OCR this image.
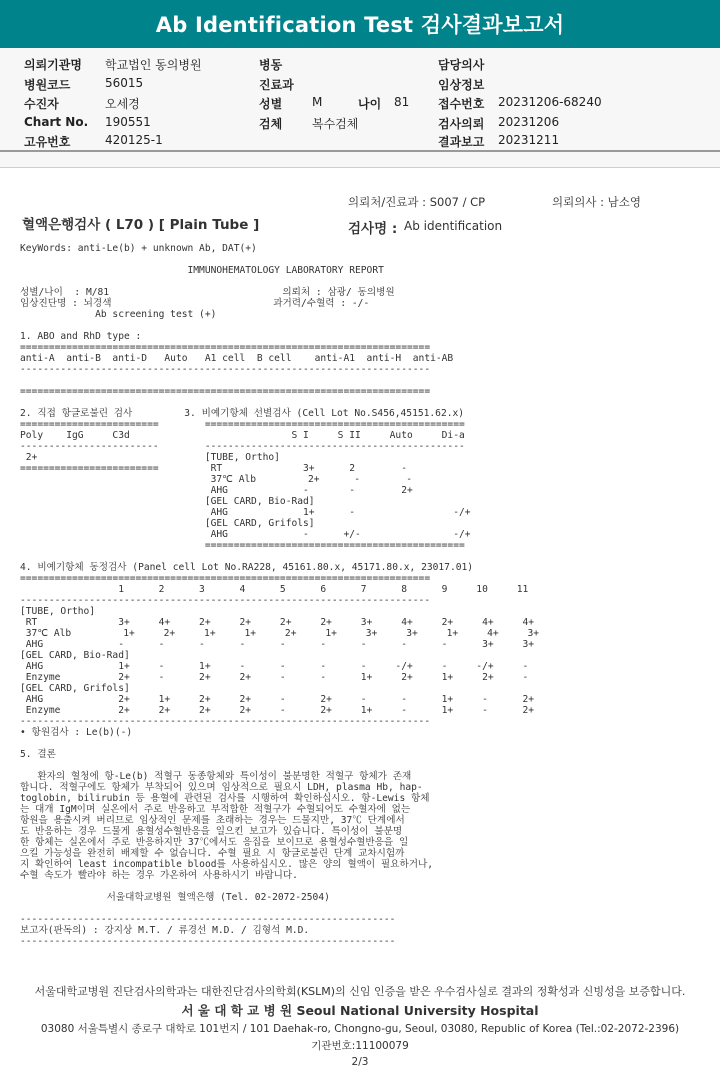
Ab Identification Test 검사결과보고서
의뢰기관명 학교법인 동의병원
병원코드	56015
수진자	오세경
Chart No. 190551
고유번호	420125-1
병동
진료과
성별 M	나이 81
검체 복수검체
담당의사
임상정보
접수번호 20231206-68240
검사의뢰 20231206
결과보고 20231211
의뢰처/진료과 : S007 / CP	의뢰의사 : 남소영
혈액은행검사 ( L70 ) [ Plain Tube ]	검사명 : Ab identification
KeyWords: anti-Le(b) + unknown Ab, DAT(+)
IMMUNOHEMATOLOGY LABORATORY REPORT
성별/나이  : M/81                              의뢰처 : 삼광/ 동의병원
임상진단명 : 뇌경색                            과거력/수혈력 : -/-
Ab screening test (+)
1. ABO and RhD type :
=======================================================================
anti-A  anti-B  anti-D   Auto   A1 cell  B cell    anti-A1  anti-H  anti-AB
-----------------------------------------------------------------------
=======================================================================
2. 직접 항글로불린 검사         3. 비예기항체 선별검사 (Cell Lot No.S456,45151.62.x)
========================        =============================================
Poly    IgG     C3d                            S I     S II     Auto     Di-a
------------------------        ---------------------------------------------
2+                             [TUBE, Ortho]
========================         RT              3+      2        -
37℃ Alb         2+      -        -
AHG             -       -        2+
[GEL CARD, Bio-Rad]
AHG             1+      -                 -/+
[GEL CARD, Grifols]
AHG             -      +/-                -/+
=============================================
4. 비예기항체 동정검사 (Panel cell Lot No.RA228, 45161.80.x, 45171.80.x, 23017.01)
=======================================================================
1      2      3      4      5      6      7      8      9     10     11
-----------------------------------------------------------------------
[TUBE, Ortho]
RT              3+     4+     2+     2+     2+     2+     3+     4+     2+     4+     4+
37℃ Alb         1+     2+     1+     1+     2+     1+     3+     3+     1+     4+     3+
AHG             -      -      -      -      -      -      -      -      -      3+     3+
[GEL CARD, Bio-Rad]
AHG             1+     -      1+     -      -      -      -     -/+     -     -/+     -
Enzyme          2+     -      2+     2+     -      -      1+     2+     1+     2+     -
[GEL CARD, Grifols]
AHG             2+     1+     2+     2+     -      2+     -      -      1+     -      2+
Enzyme          2+     2+     2+     2+     -      2+     1+     -      1+     -      2+
-----------------------------------------------------------------------
• 항원검사 : Le(b)(-)
5. 결론
환자의 혈청에 항-Le(b) 적혈구 동종항체와 특이성이 불분명한 적혈구 항체가 존재
합니다. 적혈구에도 항체가 부착되어 있으며 임상적으로 필요시 LDH, plasma Hb, hap-
toglobin, bilirubin 등 용혈에 관련된 검사를 시행하여 확인하십시오. 항-Lewis 항체
는 대개 IgM이며 실온에서 주로 반응하고 부적합한 적혈구가 수혈되어도 수혈자에 없는
항원을 용출시켜 버리므로 임상적인 문제를 초래하는 경우는 드물지만, 37℃ 단계에서
도 반응하는 경우 드물게 용혈성수혈반응을 일으킨 보고가 있습니다. 특이성이 불분명
한 항체는 실온에서 주로 반응하지만 37℃에서도 응집을 보이므로 용혈성수혈반응을 일
으킬 가능성을 완전히 배제할 수 없습니다. 수혈 필요 시 항글로불린 단계 교차시험까
지 확인하여 least incompatible blood를 사용하십시오. 많은 양의 혈액이 필요하거나,
수혈 속도가 빨라야 하는 경우 가온하여 사용하시기 바랍니다.
서울대학교병원 혈액은행 (Tel. 02-2072-2504)
-----------------------------------------------------------------
보고자(판독의) : 강지상 M.T. / 류경선 M.D. / 김형석 M.D.
-----------------------------------------------------------------
서울대학교병원 진단검사의학과는 대한진단검사의학회(KSLM)의 신임 인증을 받은 우수검사실로 결과의 정확성과 신빙성을 보증합니다.
서 울 대 학 교 병 원 Seoul National University Hospital
03080 서울특별시 종로구 대학로 101번지 / 101 Daehak-ro, Chongno-gu, Seoul, 03080, Republic of Korea (Tel.:02-2072-2396)
기관번호:11100079
2/3
